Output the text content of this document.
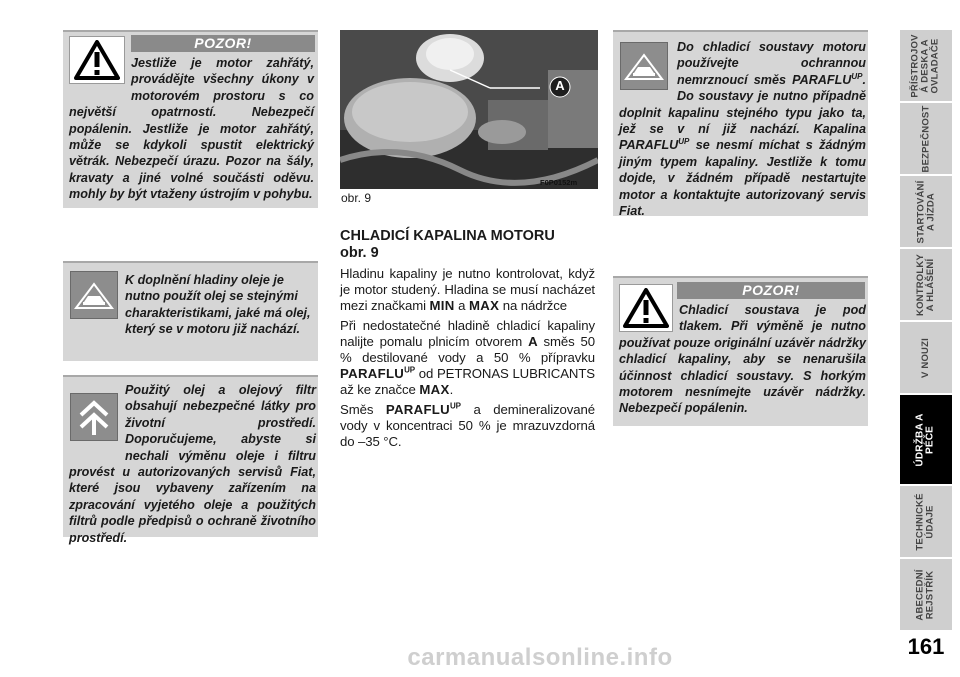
POZOR!

Jestliže je motor zahřátý, provádějte všechny úkony v motorovém prostoru s co největší opatrností. Nebezpečí popálenin. Jestliže je motor zahřátý, může se kdykoli spustit elektrický větrák. Nebezpečí úrazu. Pozor na šály, kravaty a jiné volné součásti oděvu. mohly by být vtaženy ústrojím v pohybu.

K doplnění hladiny oleje je nutno použít olej se stejnými charakteristikami, jaké má olej, který se v motoru již nachází.

Použitý olej a olejový filtr obsahují nebezpečné látky pro životní prostředí. Doporučujeme, abyste si nechali výměnu oleje i filtru provést u autorizovaných servisů Fiat, které jsou vybaveny zařízením na zpracování vyjetého oleje a použitých filtrů podle předpisů o ochraně životního prostředí.

A
F0P0152m
obr. 9

CHLADICÍ KAPALINA MOTORU

obr. 9

Hladinu kapaliny je nutno kontrolovat, když je motor studený. Hladina se musí nacházet mezi značkami MIN a MAX na nádržce

Při nedostatečné hladině chladicí kapaliny nalijte pomalu plnicím otvorem A směs 50 % destilované vody a 50 % přípravku $PARAFLU^{UP}$ od PETRONAS LUBRICANTS až ke značce MAX.

Směs $PARAFLU^{UP}$ a demineralizované vody v koncentraci 50 % je mrazuvzdorná do –35 °C.

Do chladicí soustavy motoru používejte ochrannou nemrznoucí směs $PARAFLU^{UP}$. Do soustavy je nutno případně doplnit kapalinu stejného typu jako ta, jež se v ní již nachází. Kapalina $PARAFLU^{UP}$ se nesmí míchat s žádným jiným typem kapaliny. Jestliže k tomu dojde, v žádném případě nestartujte motor a kontaktujte autorizovaný servis Fiat.

POZOR!

Chladicí soustava je pod tlakem. Při výměně je nutno používat pouze originální uzávěr nádržky chladicí kapaliny, aby se nenarušila účinnost chladicí soustavy. S horkým motorem nesnímejte uzávěr nádržky. Nebezpečí popálenin.

PŘÍSTROJOV
Á DESKA A
OVLADAČE
BEZPEČNOST
STARTOVÁNÍ
A JÍZDA
KONTROLKY
A HLÁŠENÍ
V NOUZI
ÚDRŽBA A
PÉČE
TECHNICKÉ
ÚDAJE
ABECEDNÍ
REJSTŘÍK
161
carmanualsonline.info
